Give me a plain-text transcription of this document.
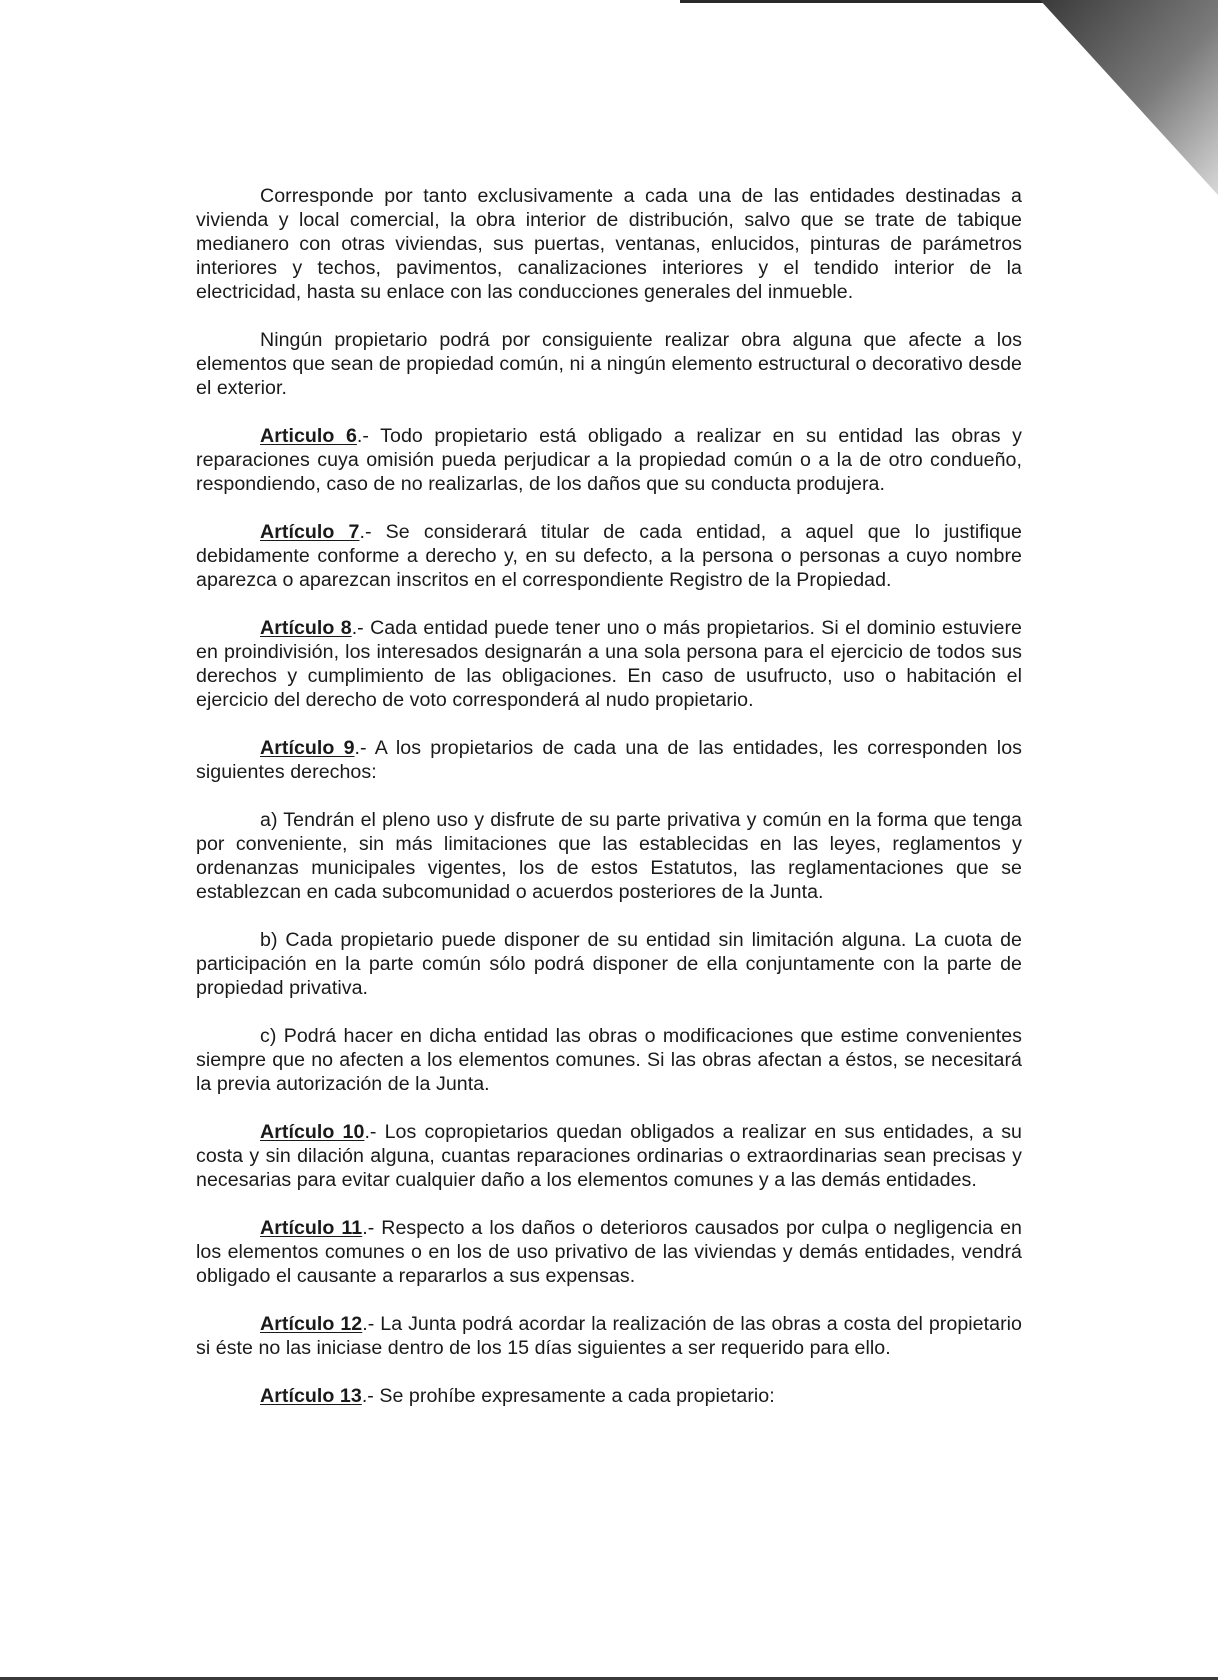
Corresponde por tanto exclusivamente a cada una de las entidades destinadas a vivienda y local comercial, la obra interior de distribución, salvo que se trate de tabique medianero con otras viviendas, sus puertas, ventanas, enlucidos, pinturas de parámetros interiores y techos, pavimentos, canalizaciones interiores y el tendido interior de la electricidad, hasta su enlace con las conducciones generales del inmueble.

Ningún propietario podrá por consiguiente realizar obra alguna que afecte a los elementos que sean de propiedad común, ni a ningún elemento estructural o decorativo desde el exterior.

Articulo 6.- Todo propietario está obligado a realizar en su entidad las obras y reparaciones cuya omisión pueda perjudicar a la propiedad común o a la de otro condueño, respondiendo, caso de no realizarlas, de los daños que su conducta produjera.

Artículo 7.- Se considerará titular de cada entidad, a aquel que lo justifique debidamente conforme a derecho y, en su defecto, a la persona o personas a cuyo nombre aparezca o aparezcan inscritos en el correspondiente Registro de la Propiedad.

Artículo 8.- Cada entidad puede tener uno o más propietarios. Si el dominio estuviere en proindivisión, los interesados designarán a una sola persona para el ejercicio de todos sus derechos y cumplimiento de las obligaciones. En caso de usufructo, uso o habitación el ejercicio del derecho de voto corresponderá al nudo propietario.

Artículo 9.- A los propietarios de cada una de las entidades, les corresponden los siguientes derechos:

a) Tendrán el pleno uso y disfrute de su parte privativa y común en la forma que tenga por conveniente, sin más limitaciones que las establecidas en las leyes, reglamentos y ordenanzas municipales vigentes, los de estos Estatutos, las reglamentaciones que se establezcan en cada subcomunidad o acuerdos posteriores de la Junta.

b) Cada propietario puede disponer de su entidad sin limitación alguna. La cuota de participación en la parte común sólo podrá disponer de ella conjuntamente con la parte de propiedad privativa.

c) Podrá hacer en dicha entidad las obras o modificaciones que estime convenientes siempre que no afecten a los elementos comunes. Si las obras afectan a éstos, se necesitará la previa autorización de la Junta.

Artículo 10.- Los copropietarios quedan obligados a realizar en sus entidades, a su costa y sin dilación alguna, cuantas reparaciones ordinarias o extraordinarias sean precisas y necesarias para evitar cualquier daño a los elementos comunes y a las demás entidades.

Artículo 11.- Respecto a los daños o deterioros causados por culpa o negligencia en los elementos comunes o en los de uso privativo de las viviendas y demás entidades, vendrá obligado el causante a repararlos a sus expensas.

Artículo 12.- La Junta podrá acordar la realización de las obras a costa del propietario si éste no las iniciase dentro de los 15 días siguientes a ser requerido para ello.

Artículo 13.- Se prohíbe expresamente a cada propietario:
